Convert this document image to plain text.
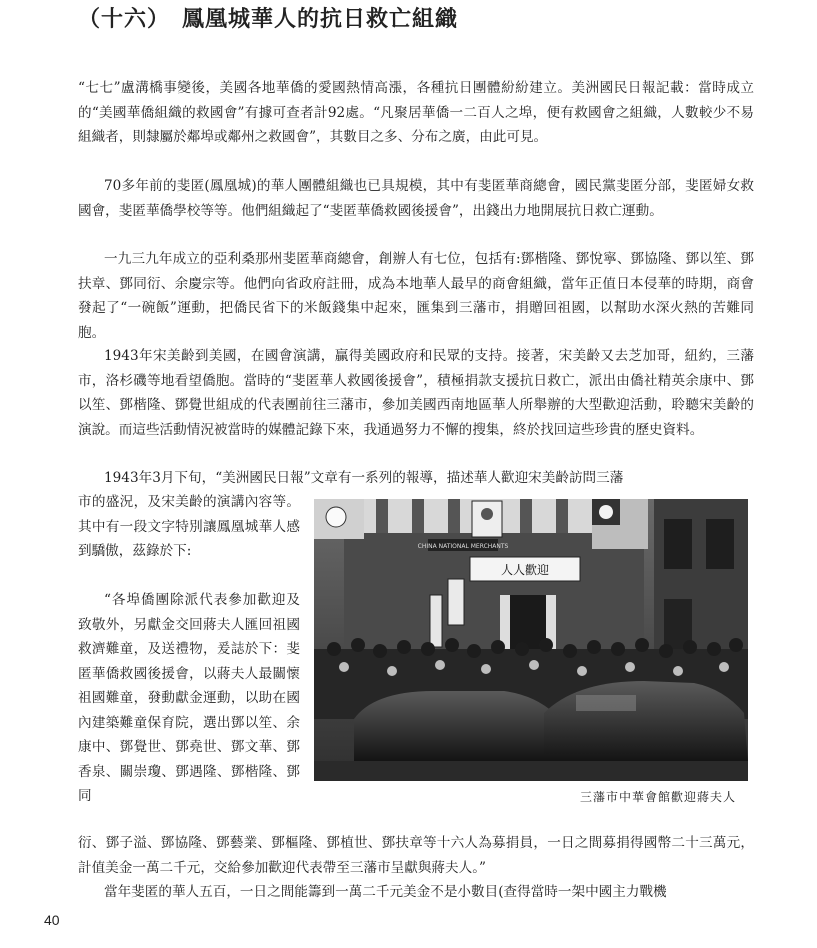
（十六） 鳳凰城華人的抗日救亡組織

“七七”盧溝橋事變後，美國各地華僑的愛國熱情高漲，各種抗日團體紛紛建立。美洲國民日報記載：當時成立的“美國華僑組織的救國會”有據可查者計92處。“凡聚居華僑一二百人之埠，便有救國會之組織，人數較少不易組織者，則隸屬於鄰埠或鄰州之救國會”，其數目之多、分布之廣，由此可見。

70多年前的斐匿(鳳凰城)的華人團體組織也已具規模，其中有斐匿華商總會，國民黨斐匿分部，斐匿婦女救國會，斐匿華僑學校等等。他們組織起了“斐匿華僑救國後援會”，出錢出力地開展抗日救亡運動。

一九三九年成立的亞利桑那州斐匿華商總會，創辦人有七位，包括有:鄧楷隆、鄧悅寧、鄧協隆、鄧以笙、鄧扶章、鄧同衍、余慶宗等。他們向省政府註冊，成為本地華人最早的商會組織，當年正值日本侵華的時期，商會發起了“一碗飯”運動，把僑民省下的米飯錢集中起來，匯集到三藩市，捐贈回祖國，以幫助水深火熱的苦難同胞。

1943年宋美齡到美國，在國會演講，贏得美國政府和民眾的支持。接著，宋美齡又去芝加哥，紐約，三藩市，洛杉磯等地看望僑胞。當時的“斐匿華人救國後援會”，積極捐款支援抗日救亡，派出由僑社精英余康中、鄧以笙、鄧楷隆、鄧覺世組成的代表團前往三藩市，參加美國西南地區華人所舉辦的大型歡迎活動，聆聽宋美齡的演說。而這些活動情況被當時的媒體記錄下來，我通過努力不懈的搜集，終於找回這些珍貴的歷史資料。

1943年3月下旬，“美洲國民日報”文章有一系列的報導，描述華人歡迎宋美齡訪問三藩

市的盛況，及宋美齡的演講內容等。其中有一段文字特別讓鳳凰城華人感到驕傲，茲錄於下:

“各埠僑團除派代表參加歡迎及致敬外，另獻金交回蔣夫人匯回祖國救濟難童，及送禮物，爰誌於下：斐匿華僑救國後援會，以蔣夫人最關懷祖國難童，發動獻金運動，以助在國內建築難童保育院，選出鄧以笙、余康中、鄧覺世、鄧堯世、鄧文華、鄧香泉、關崇瓊、鄧遇隆、鄧楷隆、鄧同

CHINA NATIONAL MERCHANTS
人人歡迎
三藩市中華會館歡迎蔣夫人

衍、鄧子溢、鄧協隆、鄧藝業、鄧樞隆、鄧植世、鄧扶章等十六人為募捐員，一日之間募捐得國幣二十三萬元，計值美金一萬二千元，交給參加歡迎代表帶至三藩市呈獻與蔣夫人。”

當年斐匿的華人五百，一日之間能籌到一萬二千元美金不是小數目(查得當時一架中國主力戰機

40
